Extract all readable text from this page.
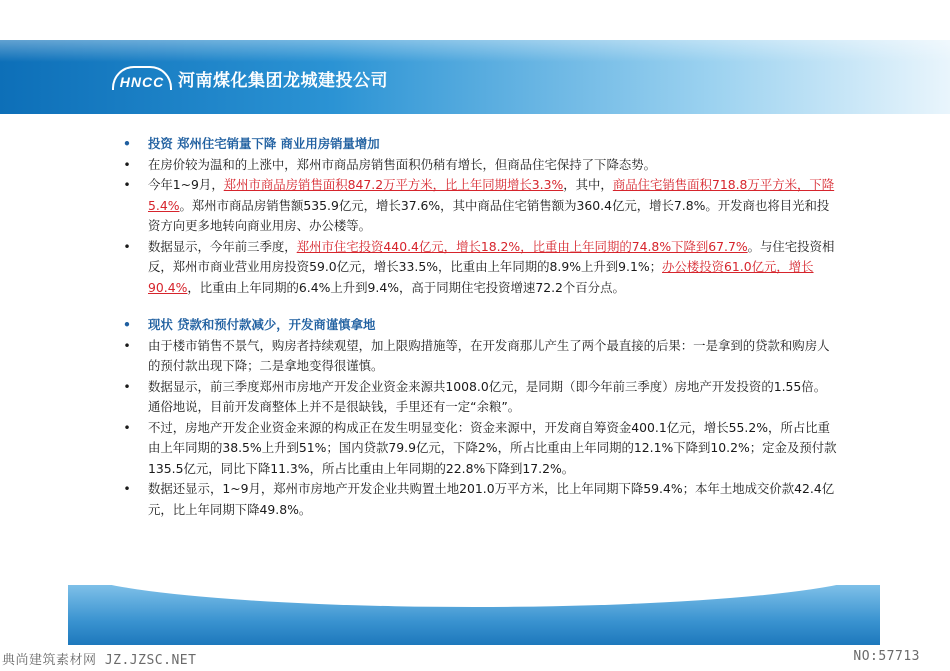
HNCC 河南煤化集团龙城建投公司
• 投资 郑州住宅销量下降 商业用房销量增加
• 在房价较为温和的上涨中，郑州市商品房销售面积仍稍有增长，但商品住宅保持了下降态势。
• 今年1~9月，郑州市商品房销售面积847.2万平方米，比上年同期增长3.3%，其中，商品住宅销售面积718.8万平方米，下降5.4%。郑州市商品房销售额535.9亿元，增长37.6%，其中商品住宅销售额为360.4亿元，增长7.8%。开发商也将目光和投资方向更多地转向商业用房、办公楼等。
• 数据显示，今年前三季度，郑州市住宅投资440.4亿元，增长18.2%，比重由上年同期的74.8%下降到67.7%。与住宅投资相反，郑州市商业营业用房投资59.0亿元，增长33.5%，比重由上年同期的8.9%上升到9.1%；办公楼投资61.0亿元，增长90.4%，比重由上年同期的6.4%上升到9.4%，高于同期住宅投资增速72.2个百分点。
• 现状 贷款和预付款减少，开发商谨慎拿地
• 由于楼市销售不景气，购房者持续观望，加上限购措施等，在开发商那儿产生了两个最直接的后果：一是拿到的贷款和购房人的预付款出现下降；二是拿地变得很谨慎。
• 数据显示，前三季度郑州市房地产开发企业资金来源共1008.0亿元，是同期（即今年前三季度）房地产开发投资的1.55倍。通俗地说，目前开发商整体上并不是很缺钱，手里还有一定“余粮”。
• 不过，房地产开发企业资金来源的构成正在发生明显变化：资金来源中，开发商自筹资金400.1亿元，增长55.2%，所占比重由上年同期的38.5%上升到51%；国内贷款79.9亿元，下降2%，所占比重由上年同期的12.1%下降到10.2%；定金及预付款135.5亿元，同比下降11.3%，所占比重由上年同期的22.8%下降到17.2%。
• 数据还显示，1~9月，郑州市房地产开发企业共购置土地201.0万平方米，比上年同期下降59.4%；本年土地成交价款42.4亿元，比上年同期下降49.8%。
典尚建筑素材网 JZ.JZSC.NET	NO:57713
